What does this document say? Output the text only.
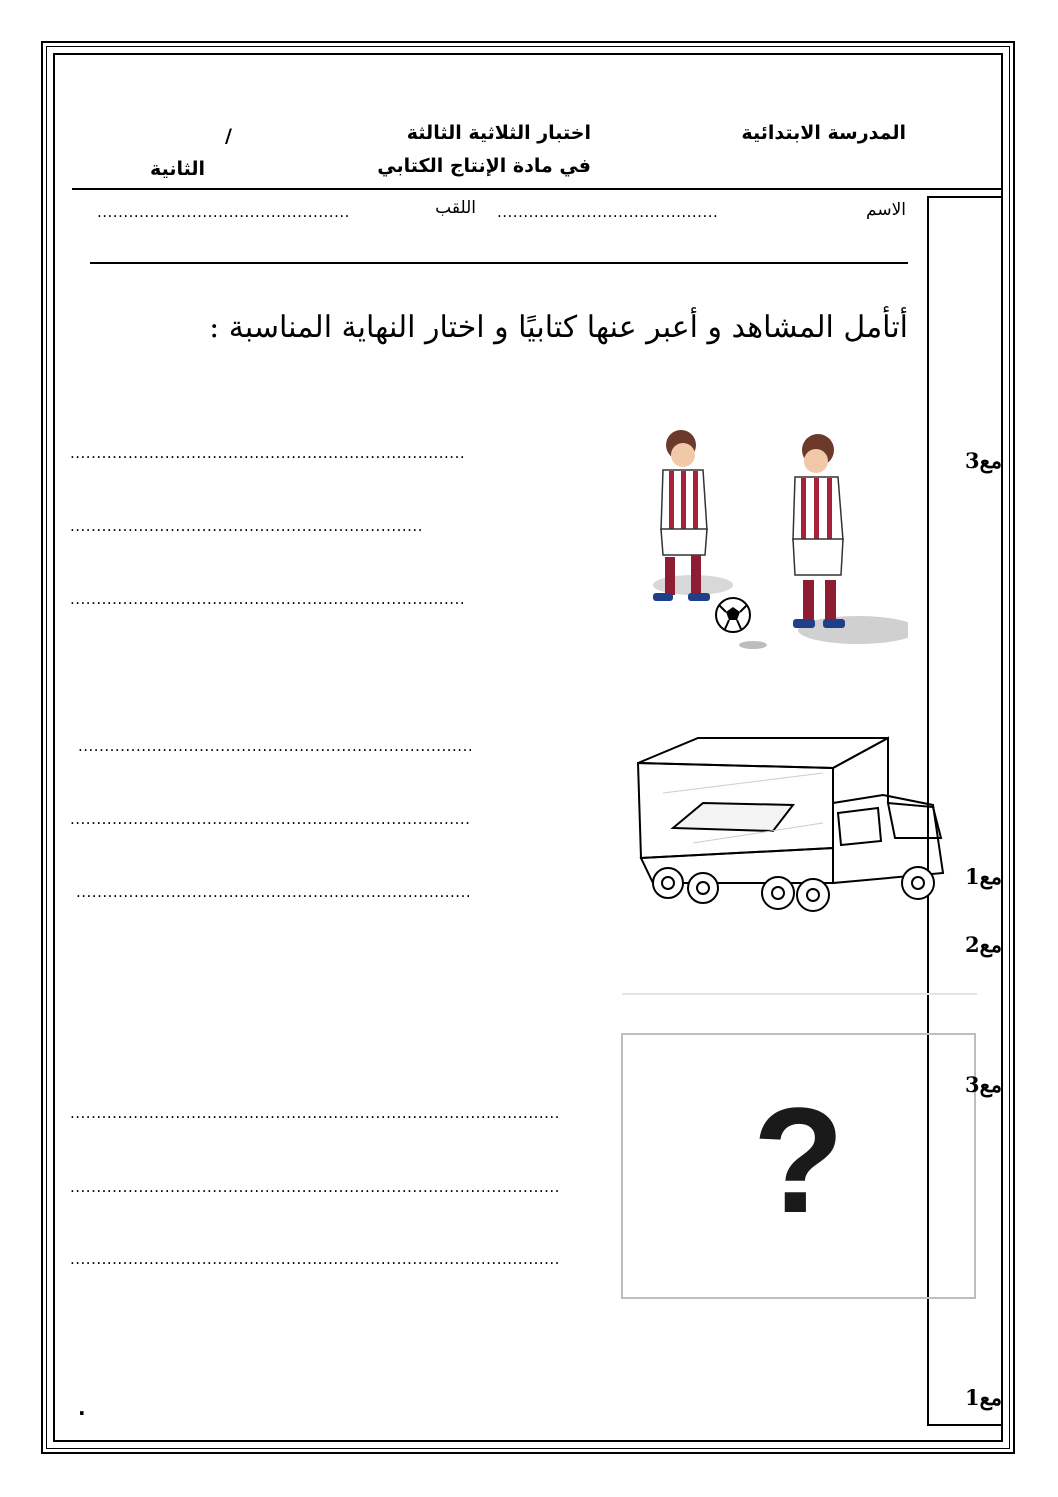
المدرسة الابتدائية
اختبار الثلاثية الثالثة
في مادة الإنتاج الكتابي
/
الثانية
الاسم
..........................................
اللقب
................................................
أتأمل المشاهد و أعبر عنها كتابيًا و اختار النهاية المناسبة :
...........................................................................
...................................................................
...........................................................................
...........................................................................
............................................................................
...........................................................................
?
.............................................................................................
.............................................................................................
.............................................................................................
مع3
مع1
مع2
مع3
مع1
.
